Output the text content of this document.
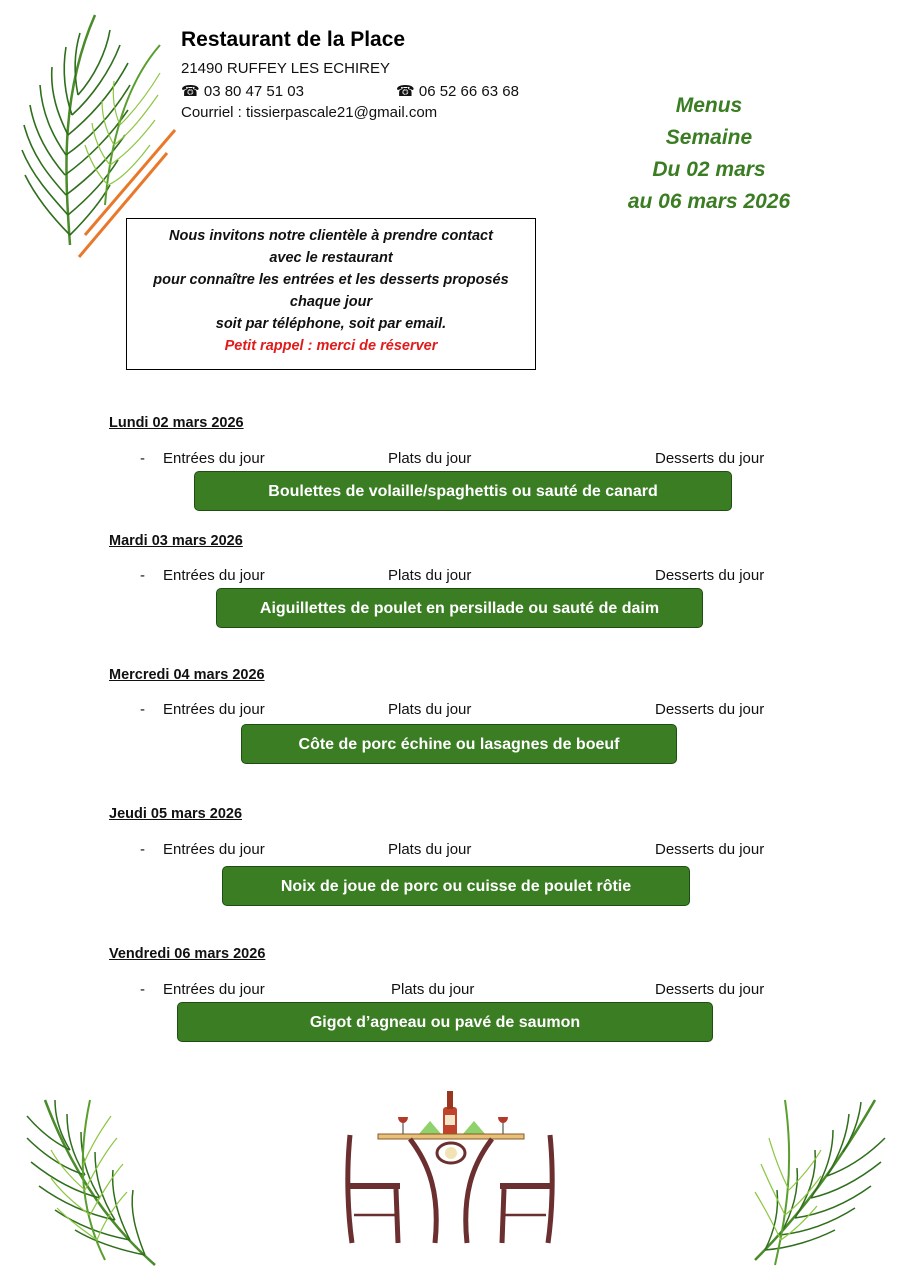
Restaurant de la Place
21490 RUFFEY LES ECHIREY
☎ 03 80 47 51 03	☎ 06 52 66 63 68
Courriel : tissierpascale21@gmail.com	Menus
Semaine
Du 02 mars
au 06 mars 2026
Nous invitons notre clientèle à prendre contact
avec le restaurant
pour connaître les entrées et les desserts proposés
chaque jour
soit par téléphone, soit par email.
Petit rappel : merci de réserver
Lundi 02 mars 2026
- Entrées du jour	Plats du jour	Desserts du jour
Boulettes de volaille/spaghettis ou sauté de canard
Mardi 03 mars 2026
- Entrées du jour	Plats du jour	Desserts du jour
Aiguillettes de poulet en persillade ou sauté de daim
Mercredi 04 mars 2026
- Entrées du jour	Plats du jour	Desserts du jour
Côte de porc échine ou lasagnes de boeuf
Jeudi 05 mars 2026
- Entrées du jour	Plats du jour	Desserts du jour
Noix de joue de porc ou cuisse de poulet rôtie
Vendredi 06 mars 2026
- Entrées du jour	Plats du jour	Desserts du jour
Gigot d’agneau ou pavé de saumon
